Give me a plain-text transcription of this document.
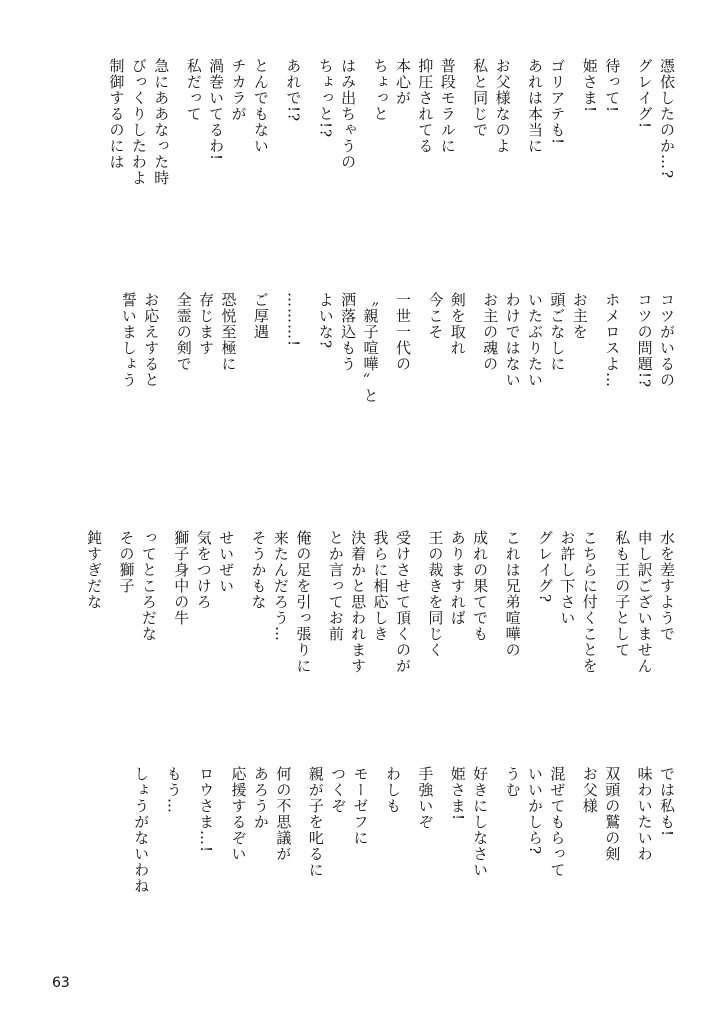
憑依したのか…?
グレイグ!
待って!
姫さま!
ゴリアテも!
あれは本当に
お父様なのよ
私と同じで
普段モラルに
抑圧されてる
本心が
ちょっと
はみ出ちゃうの
ちょっと!?
あれで!?
とんでもない
チカラが
渦巻いてるわ!
私だって
急にああなった時
びっくりしたわよ
制御するのには
コツがいるの
コツの問題!?
ホメロスよ…
お主を
頭ごなしに
いたぶりたい
わけではない
お主の魂の
剣を取れ
今こそ
一世一代の
〝親子喧嘩〟と
洒落込もう
よいな?
………!
ご厚遇
恐悦至極に
存じます
全霊の剣で
お応えすると
誓いましょう
水を差すようで
申し訳ございません
私も王の子として
こちらに付くことを
お許し下さい
グレイグ?
これは兄弟喧嘩の
成れの果てでも
ありますれば
王の裁きを同じく
受けさせて頂くのが
我らに相応しき
決着かと思われます
とか言ってお前
俺の足を引っ張りに
来たんだろう…
そうかもな
せいぜい
気をつけろ
獅子身中の牛
ってところだな
その獅子
鈍すぎだな
では私も!
味わいたいわ
双頭の鷲の剣
お父様
混ぜてもらって
いいかしら?
うむ
好きにしなさい
姫さま!
手強いぞ
わしも
モーゼフに
つくぞ
親が子を叱るに
何の不思議が
あろうか
応援するぞい
ロウさま…!
もう…
しょうがないわね
63
